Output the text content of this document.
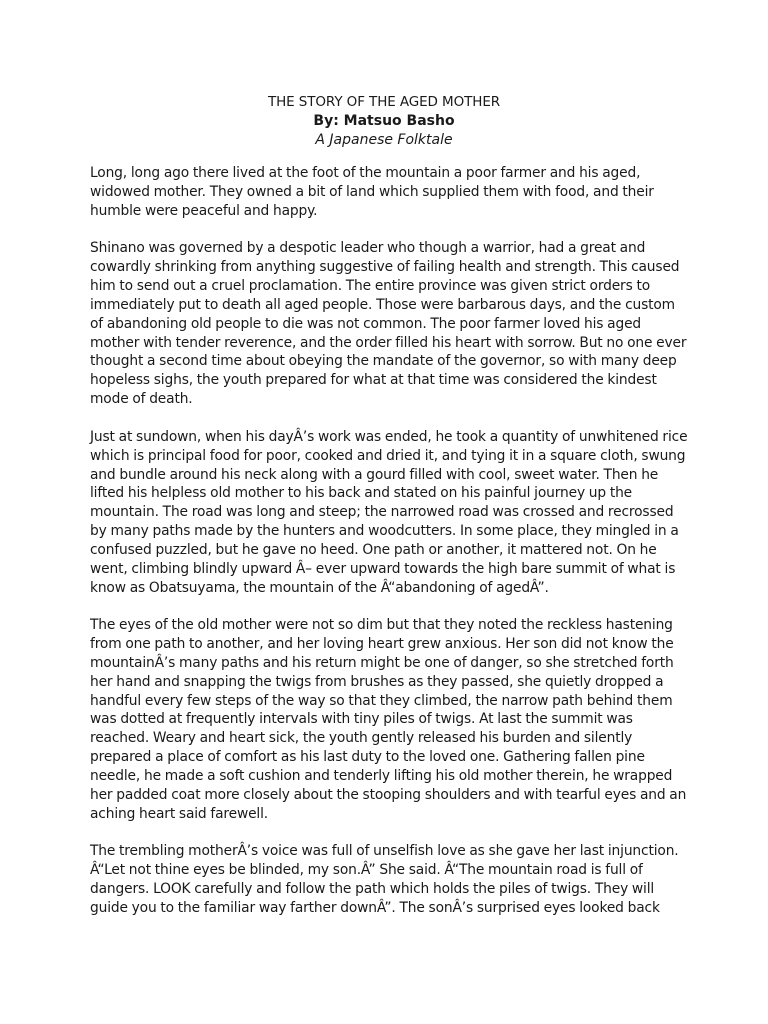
THE STORY OF THE AGED MOTHER

By: Matsuo Basho

A Japanese Folktale

Long, long ago there lived at the foot of the mountain a poor farmer and his aged, widowed mother. They owned a bit of land which supplied them with food, and their humble were peaceful and happy.

Shinano was governed by a despotic leader who though a warrior, had a great and cowardly shrinking from anything suggestive of failing health and strength. This caused him to send out a cruel proclamation. The entire province was given strict orders to immediately put to death all aged people. Those were barbarous days, and the custom of abandoning old people to die was not common. The poor farmer loved his aged mother with tender reverence, and the order filled his heart with sorrow. But no one ever thought a second time about obeying the mandate of the governor, so with many deep hopeless sighs, the youth prepared for what at that time was considered the kindest mode of death.

Just at sundown, when his dayÂ’s work was ended, he took a quantity of unwhitened rice which is principal food for poor, cooked and dried it, and tying it in a square cloth, swung and bundle around his neck along with a gourd filled with cool, sweet water. Then he lifted his helpless old mother to his back and stated on his painful journey up the mountain. The road was long and steep; the narrowed road was crossed and recrossed by many paths made by the hunters and woodcutters. In some place, they mingled in a confused puzzled, but he gave no heed. One path or another, it mattered not. On he went, climbing blindly upward Â– ever upward towards the high bare summit of what is know as Obatsuyama, the mountain of the Â“abandoning of agedÂ”.

The eyes of the old mother were not so dim but that they noted the reckless hastening from one path to another, and her loving heart grew anxious. Her son did not know the mountainÂ’s many paths and his return might be one of danger, so she stretched forth her hand and snapping the twigs from brushes as they passed, she quietly dropped a handful every few steps of the way so that they climbed, the narrow path behind them was dotted at frequently intervals with tiny piles of twigs. At last the summit was reached. Weary and heart sick, the youth gently released his burden and silently prepared a place of comfort as his last duty to the loved one. Gathering fallen pine needle, he made a soft cushion and tenderly lifting his old mother therein, he wrapped her padded coat more closely about the stooping shoulders and with tearful eyes and an aching heart said farewell.

The trembling motherÂ’s voice was full of unselfish love as she gave her last injunction. Â“Let not thine eyes be blinded, my son.Â” She said. Â“The mountain road is full of dangers. LOOK carefully and follow the path which holds the piles of twigs. They will guide you to the familiar way farther downÂ”. The sonÂ’s surprised eyes looked back
